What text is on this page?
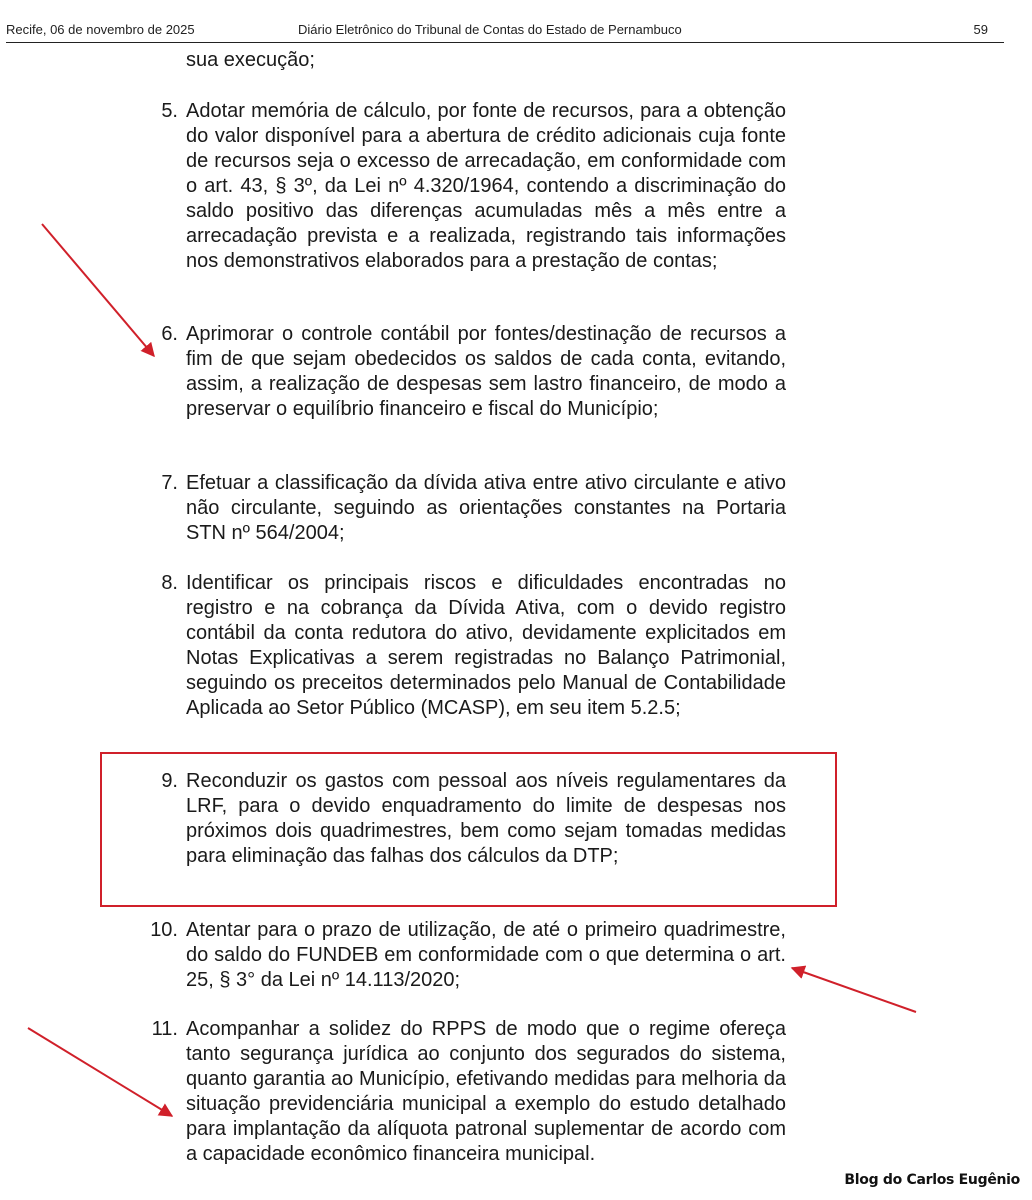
Recife, 06 de novembro de 2025	Diário Eletrônico do Tribunal de Contas do Estado de Pernambuco	59
sua execução;
5. Adotar memória de cálculo, por fonte de recursos, para a obtenção do valor disponível para a abertura de crédito adicionais cuja fonte de recursos seja o excesso de arrecadação, em conformidade com o art. 43, § 3º, da Lei nº 4.320/1964, contendo a discriminação do saldo positivo das diferenças acumuladas mês a mês entre a arrecadação prevista e a realizada, registrando tais informações nos demonstrativos elaborados para a prestação de contas;
6. Aprimorar o controle contábil por fontes/destinação de recursos a fim de que sejam obedecidos os saldos de cada conta, evitando, assim, a realização de despesas sem lastro financeiro, de modo a preservar o equilíbrio financeiro e fiscal do Município;
7. Efetuar a classificação da dívida ativa entre ativo circulante e ativo não circulante, seguindo as orientações constantes na Portaria STN nº 564/2004;
8. Identificar os principais riscos e dificuldades encontradas no registro e na cobrança da Dívida Ativa, com o devido registro contábil da conta redutora do ativo, devidamente explicitados em Notas Explicativas a serem registradas no Balanço Patrimonial, seguindo os preceitos determinados pelo Manual de Contabilidade Aplicada ao Setor Público (MCASP), em seu item 5.2.5;
9. Reconduzir os gastos com pessoal aos níveis regulamentares da LRF, para o devido enquadramento do limite de despesas nos próximos dois quadrimestres, bem como sejam tomadas medidas para eliminação das falhas dos cálculos da DTP;
10. Atentar para o prazo de utilização, de até o primeiro quadrimestre, do saldo do FUNDEB em conformidade com o que determina o art. 25, § 3° da Lei nº 14.113/2020;
11. Acompanhar a solidez do RPPS de modo que o regime ofereça tanto segurança jurídica ao conjunto dos segurados do sistema, quanto garantia ao Município, efetivando medidas para melhoria da situação previdenciária municipal a exemplo do estudo detalhado para implantação da alíquota patronal suplementar de acordo com a capacidade econômico financeira municipal.
Blog do Carlos Eugênio
